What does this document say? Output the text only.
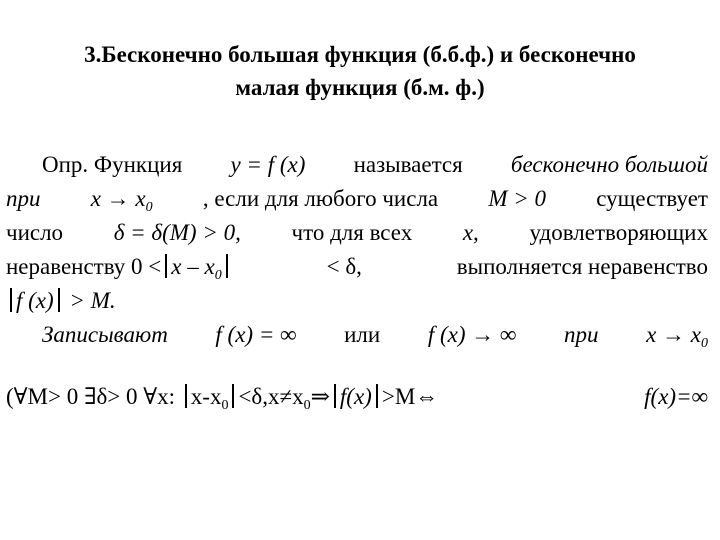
3.Бесконечно большая функция (б.б.ф.) и бесконечно
малая функция (б.м. ф.)
Опр. Функция y = f (x) называется бесконечно большой
при $x \to x_0$ , если для любого числа M > 0 существует
число δ = δ(M) > 0, что для всех x, удовлетворяющих
неравенству $0 < x - x_0$	< δ,	выполняется неравенство
f (x) > M.
Записывают f (x) = ∞ или f (x) → ∞ при $x \to x_0$
(∀M> 0 ∃δ> 0 ∀x: $x-x_0$ $<\delta,x\ne x_0\Rightarrow$ f(x) >M⇔	f(x)=∞
